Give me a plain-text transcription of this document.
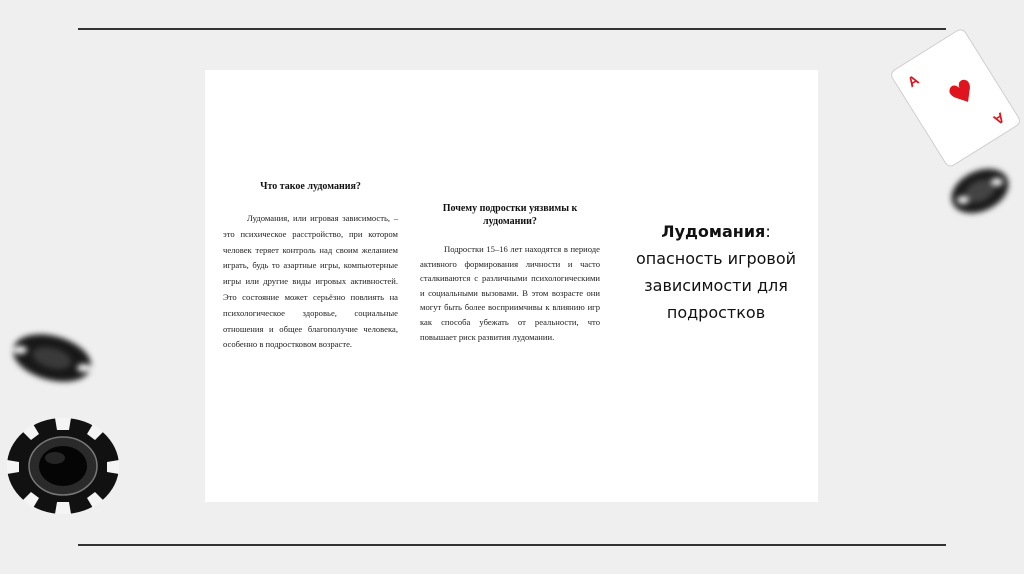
Что такое лудомания?

Лудомания, или игровая зависимость, – это психическое расстройство, при котором человек теряет контроль над своим желанием играть, будь то азартные игры, компьютерные игры или другие виды игровых активностей. Это состояние может серьёзно повлиять на психологическое здоровье, социальные отношения и общее благополучие человека, особенно в подростковом возрасте.

Почему подростки уязвимы к лудомании?

Подростки 15–16 лет находятся в периоде активного формирования личности и часто сталкиваются с различными психологическими и социальными вызовами. В этом возрасте они могут быть более восприимчивы к влиянию игр как способа убежать от реальности, что повышает риск развития лудомании.

Лудомания: опасность игровой зависимости для подростков

A ♥
A
